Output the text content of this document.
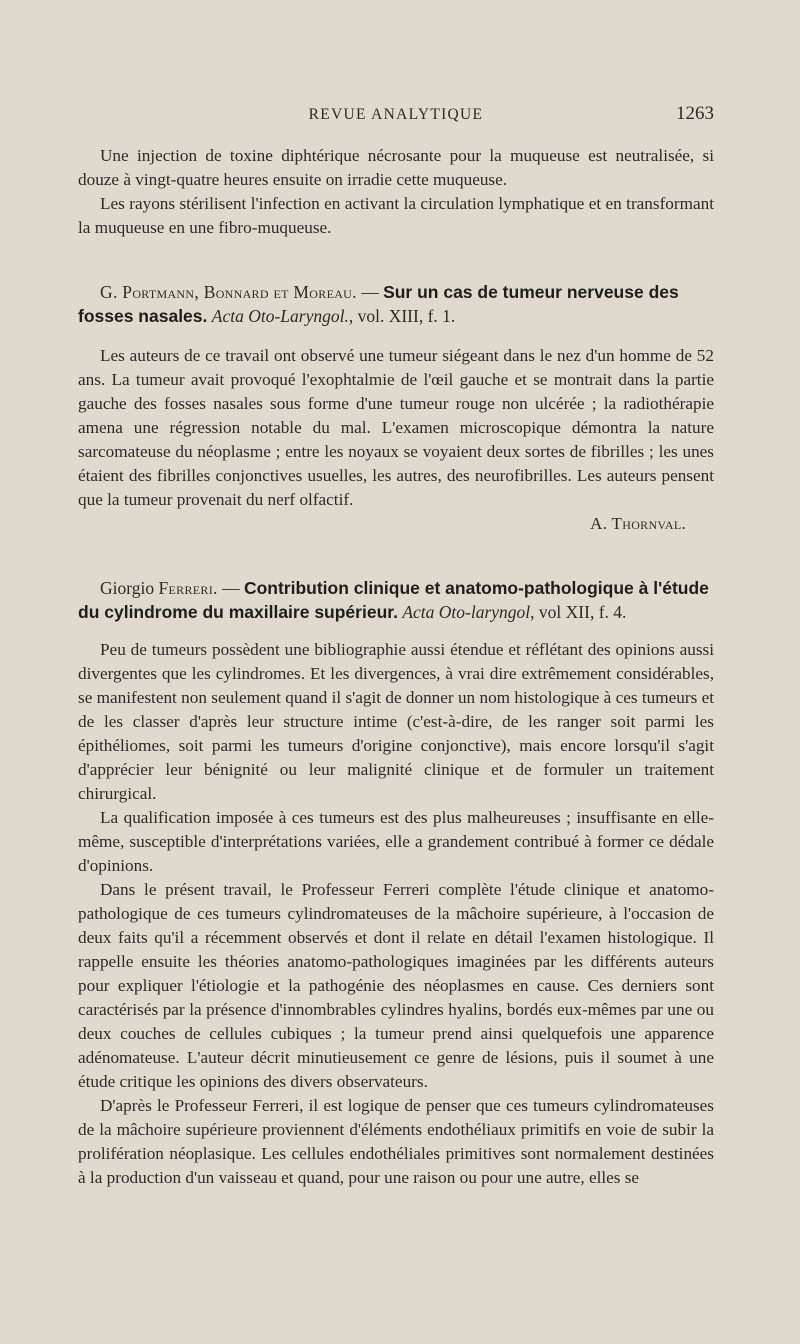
REVUE ANALYTIQUE	1263

Une injection de toxine diphtérique nécrosante pour la muqueuse est neutralisée, si douze à vingt-quatre heures ensuite on irradie cette muqueuse.

Les rayons stérilisent l'infection en activant la circulation lymphatique et en transformant la muqueuse en une fibro-muqueuse.

G. Portmann, Bonnard et Moreau. — Sur un cas de tumeur nerveuse des fosses nasales. Acta Oto-Laryngol., vol. XIII, f. 1.

Les auteurs de ce travail ont observé une tumeur siégeant dans le nez d'un homme de 52 ans. La tumeur avait provoqué l'exophtalmie de l'œil gauche et se montrait dans la partie gauche des fosses nasales sous forme d'une tumeur rouge non ulcérée ; la radiothérapie amena une régression notable du mal. L'examen microscopique démontra la nature sarcomateuse du néoplasme ; entre les noyaux se voyaient deux sortes de fibrilles ; les unes étaient des fibrilles conjonctives usuelles, les autres, des neurofibrilles. Les auteurs pensent que la tumeur provenait du nerf olfactif.

A. Thornval.
Giorgio Ferreri. — Contribution clinique et anatomo-pathologique à l'étude du cylindrome du maxillaire supérieur. Acta Oto-laryngol, vol XII, f. 4.

Peu de tumeurs possèdent une bibliographie aussi étendue et réflétant des opinions aussi divergentes que les cylindromes. Et les divergences, à vrai dire extrêmement considérables, se manifestent non seulement quand il s'agit de donner un nom histologique à ces tumeurs et de les classer d'après leur structure intime (c'est-à-dire, de les ranger soit parmi les épithéliomes, soit parmi les tumeurs d'origine conjonctive), mais encore lorsqu'il s'agit d'apprécier leur bénignité ou leur malignité clinique et de formuler un traitement chirurgical.

La qualification imposée à ces tumeurs est des plus malheureuses ; insuffisante en elle-même, susceptible d'interprétations variées, elle a grandement contribué à former ce dédale d'opinions.

Dans le présent travail, le Professeur Ferreri complète l'étude clinique et anatomo-pathologique de ces tumeurs cylindromateuses de la mâchoire supérieure, à l'occasion de deux faits qu'il a récemment observés et dont il relate en détail l'examen histologique. Il rappelle ensuite les théories anatomo-pathologiques imaginées par les différents auteurs pour expliquer l'étiologie et la pathogénie des néoplasmes en cause. Ces derniers sont caractérisés par la présence d'innombrables cylindres hyalins, bordés eux-mêmes par une ou deux couches de cellules cubiques ; la tumeur prend ainsi quelquefois une apparence adénomateuse. L'auteur décrit minutieusement ce genre de lésions, puis il soumet à une étude critique les opinions des divers observateurs.

D'après le Professeur Ferreri, il est logique de penser que ces tumeurs cylindromateuses de la mâchoire supérieure proviennent d'éléments endothéliaux primitifs en voie de subir la prolifération néoplasique. Les cellules endothéliales primitives sont normalement destinées à la production d'un vaisseau et quand, pour une raison ou pour une autre, elles se
